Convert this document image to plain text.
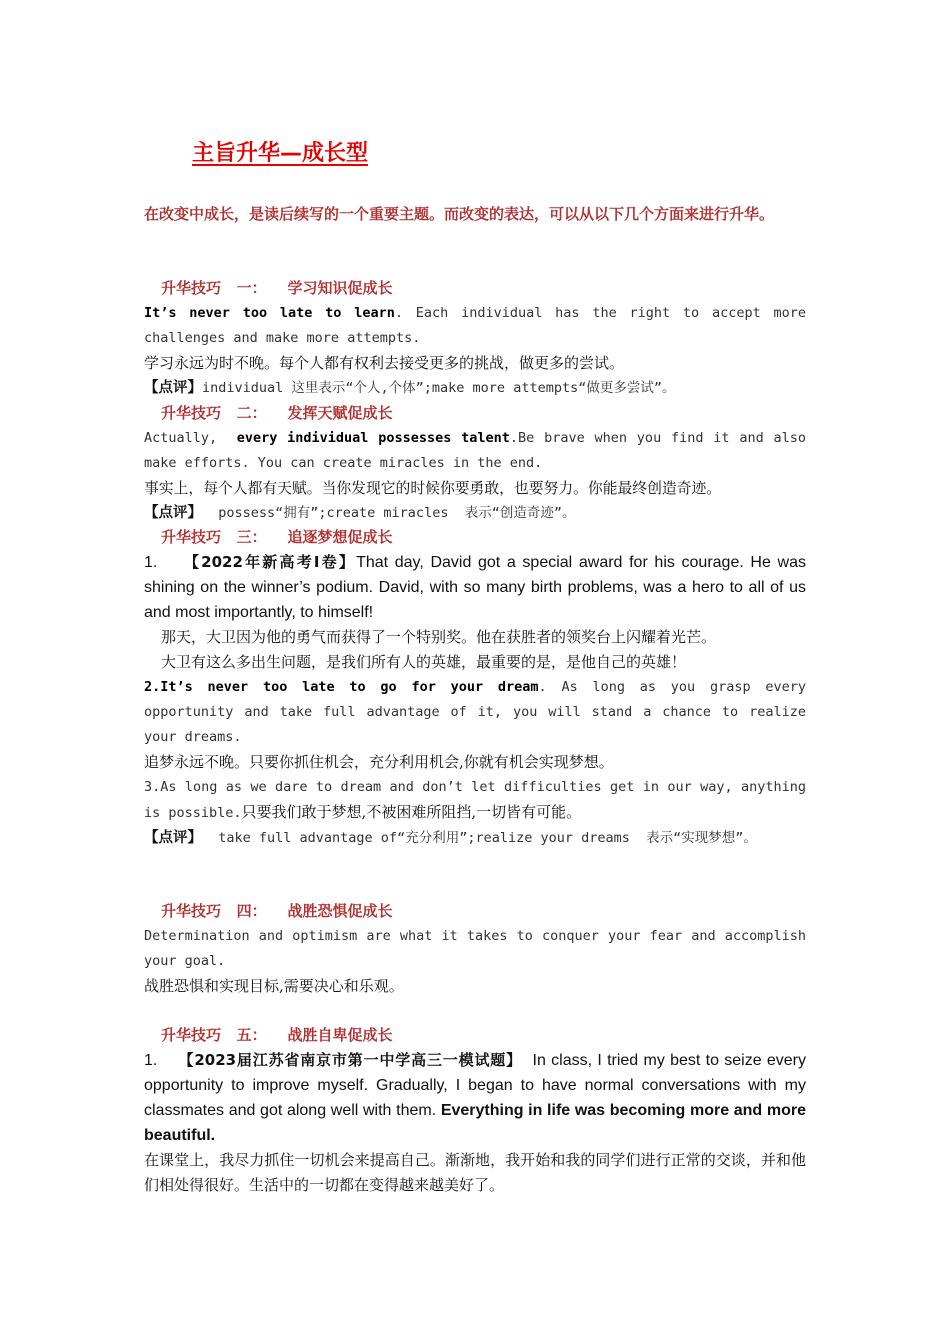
主旨升华—成长型

在改变中成长，是读后续写的一个重要主题。而改变的表达，可以从以下几个方面来进行升华。

升华技巧   一：    学习知识促成长

It’s never too late to learn. Each individual has the right to accept more challenges and make more attempts.

学习永远为时不晚。每个人都有权利去接受更多的挑战，做更多的尝试。

【点评】individual 这里表示“个人,个体”;make more attempts“做更多尝试”。

升华技巧   二：    发挥天赋促成长

Actually,  every individual possesses talent.Be brave when you find it and also make efforts. You can create miracles in the end.

事实上，每个人都有天赋。当你发现它的时候你要勇敢，也要努力。你能最终创造奇迹。

【点评】  possess“拥有”;create miracles  表示“创造奇迹”。

升华技巧   三：    追逐梦想促成长

1.    【2022年新高考Ⅰ卷】That day, David got a special award for his courage. He was shining on the winner’s podium. David, with so many birth problems, was a hero to all of us and most importantly, to himself!

那天，大卫因为他的勇气而获得了一个特别奖。他在获胜者的领奖台上闪耀着光芒。

大卫有这么多出生问题，是我们所有人的英雄，最重要的是，是他自己的英雄！

2.It’s never too late to go for your dream. As long as you grasp every opportunity and take full advantage of it, you will stand a chance to realize your dreams.

追梦永远不晚。只要你抓住机会，充分利用机会,你就有机会实现梦想。

3.As long as we dare to dream and don’t let difficulties get in our way, anything is possible.只要我们敢于梦想,不被困难所阻挡,一切皆有可能。

【点评】  take full advantage of“充分利用”;realize your dreams  表示“实现梦想”。

升华技巧   四：    战胜恐惧促成长

Determination and optimism are what it takes to conquer your fear and accomplish your goal.

战胜恐惧和实现目标,需要决心和乐观。

升华技巧   五：    战胜自卑促成长

1.    【2023届江苏省南京市第一中学高三一模试题】  In class, I tried my best to seize every opportunity to improve myself. Gradually, I began to have normal conversations with my classmates and got along well with them. Everything in life was becoming more and more beautiful.

在课堂上，我尽力抓住一切机会来提高自己。渐渐地，我开始和我的同学们进行正常的交谈，并和他们相处得很好。生活中的一切都在变得越来越美好了。
